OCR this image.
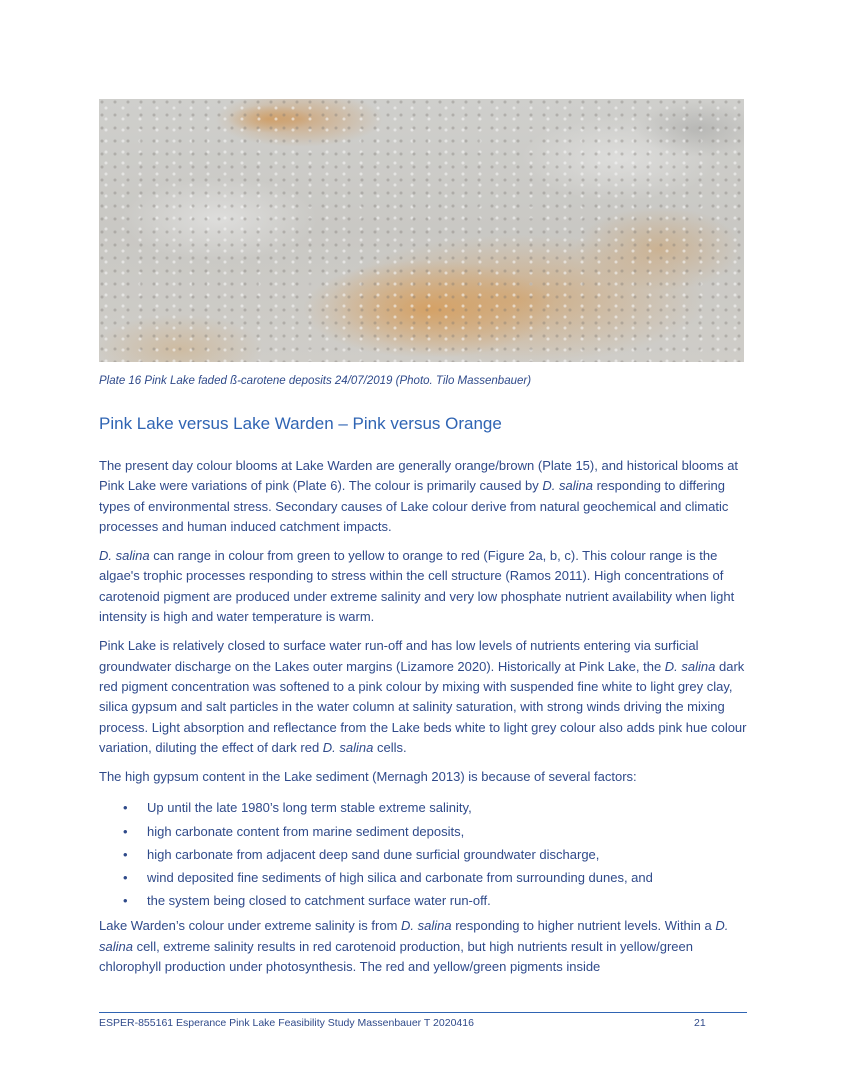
Plate 16 Pink Lake faded ß-carotene deposits 24/07/2019 (Photo. Tilo Massenbauer)

Pink Lake versus Lake Warden – Pink versus Orange

The present day colour blooms at Lake Warden are generally orange/brown (Plate 15), and historical blooms at Pink Lake were variations of pink (Plate 6). The colour is primarily caused by D. salina responding to differing types of environmental stress. Secondary causes of Lake colour derive from natural geochemical and climatic processes and human induced catchment impacts.

D. salina can range in colour from green to yellow to orange to red (Figure 2a, b, c). This colour range is the algae's trophic processes responding to stress within the cell structure (Ramos 2011). High concentrations of carotenoid pigment are produced under extreme salinity and very low phosphate nutrient availability when light intensity is high and water temperature is warm.

Pink Lake is relatively closed to surface water run-off and has low levels of nutrients entering via surficial groundwater discharge on the Lakes outer margins (Lizamore 2020). Historically at Pink Lake, the D. salina dark red pigment concentration was softened to a pink colour by mixing with suspended fine white to light grey clay, silica gypsum and salt particles in the water column at salinity saturation, with strong winds driving the mixing process. Light absorption and reflectance from the Lake beds white to light grey colour also adds pink hue colour variation, diluting the effect of dark red D. salina cells.

The high gypsum content in the Lake sediment (Mernagh 2013) is because of several factors:

• Up until the late 1980’s long term stable extreme salinity,
• high carbonate content from marine sediment deposits,
• high carbonate from adjacent deep sand dune surficial groundwater discharge,
• wind deposited fine sediments of high silica and carbonate from surrounding dunes, and
• the system being closed to catchment surface water run-off.

Lake Warden’s colour under extreme salinity is from D. salina responding to higher nutrient levels. Within a D. salina cell, extreme salinity results in red carotenoid production, but high nutrients result in yellow/green chlorophyll production under photosynthesis. The red and yellow/green pigments inside

ESPER-855161 Esperance Pink Lake Feasibility Study Massenbauer T 2020416	21
